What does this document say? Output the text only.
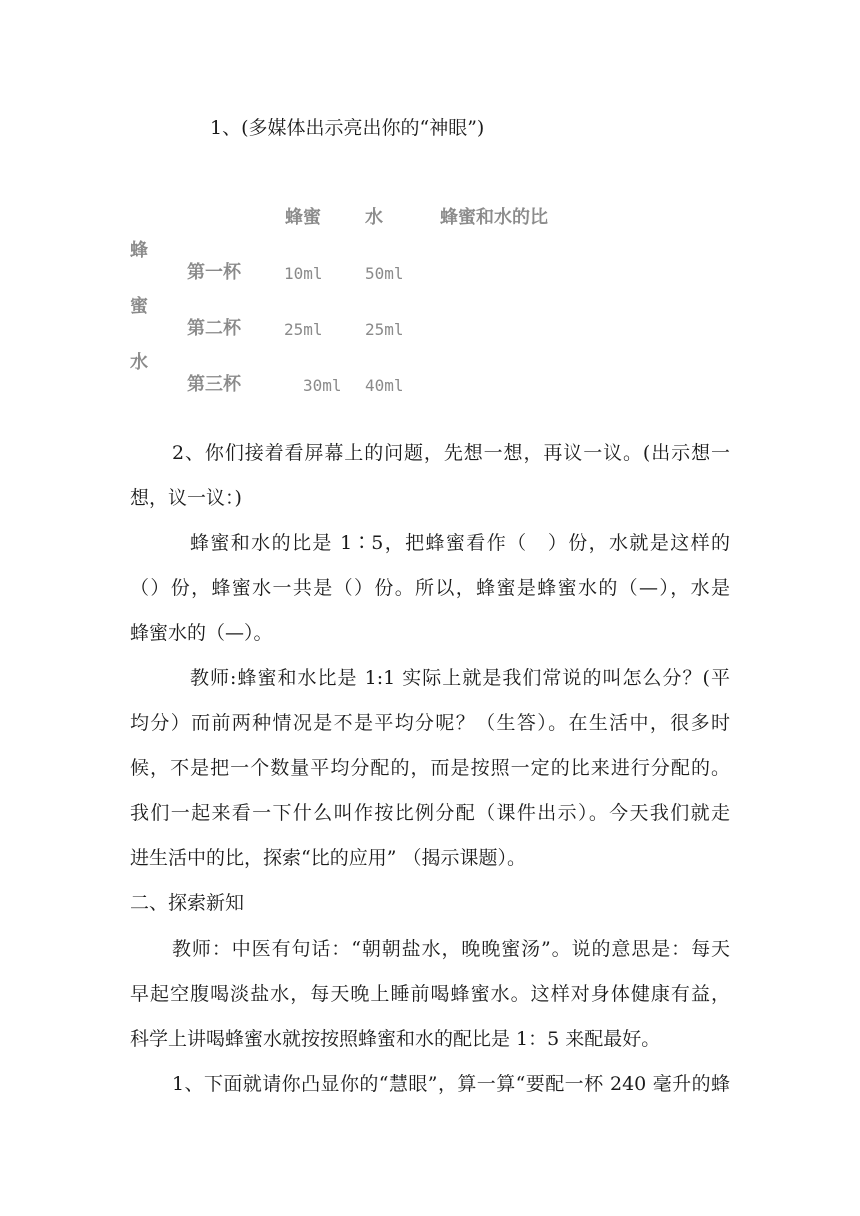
1、(多媒体出示亮出你的“神眼”)
蜂蜜 水	蜂蜜和水的比
蜂
蜜
水
第一杯	10ml	50ml
第二杯	25ml	25ml
第三杯	30ml 40ml
2、你们接着看屏幕上的问题，先想一想，再议一议。(出示想一
想，议一议：)
蜂蜜和水的比是 1∶5，把蜂蜜看作（　）份，水就是这样的
（）份，蜂蜜水一共是（）份。所以，蜂蜜是蜂蜜水的（—），水是
蜂蜜水的（—）。
教师:蜂蜜和水比是 1:1 实际上就是我们常说的叫怎么分？(平
均分）而前两种情况是不是平均分呢？（生答）。在生活中，很多时
候，不是把一个数量平均分配的，而是按照一定的比来进行分配的。
我们一起来看一下什么叫作按比例分配（课件出示）。今天我们就走
进生活中的比，探索“比的应用” （揭示课题）。
二、探索新知
教师：中医有句话：“朝朝盐水，晚晚蜜汤”。说的意思是：每天
早起空腹喝淡盐水，每天晚上睡前喝蜂蜜水。这样对身体健康有益，
科学上讲喝蜂蜜水就按按照蜂蜜和水的配比是 1：5 来配最好。
1、下面就请你凸显你的“慧眼”，算一算“要配一杯 240 毫升的蜂
